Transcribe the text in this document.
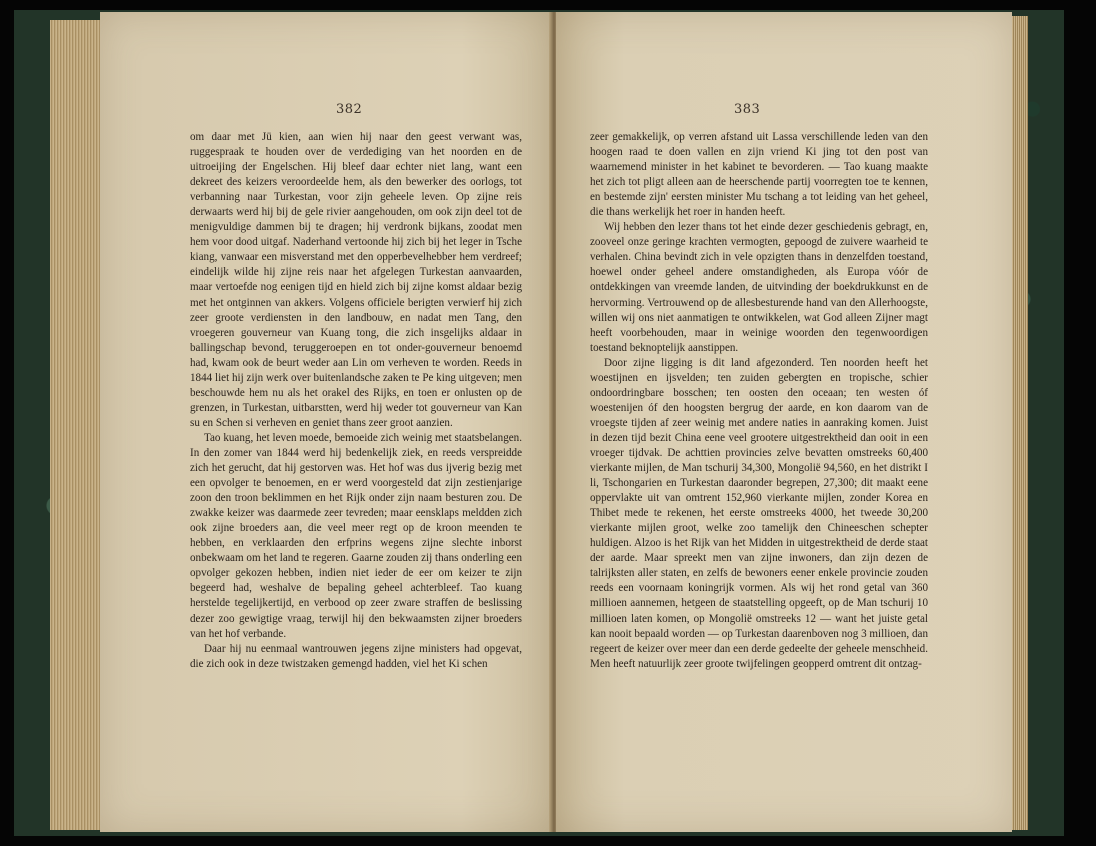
382

om daar met Jü kien, aan wien hij naar den geest verwant was, ruggespraak te houden over de verdediging van het noorden en de uitroeijing der Engelschen. Hij bleef daar echter niet lang, want een dekreet des keizers veroordeelde hem, als den bewerker des oorlogs, tot verbanning naar Turkestan, voor zijn geheele leven. Op zijne reis derwaarts werd hij bij de gele rivier aangehouden, om ook zijn deel tot de menigvuldige dammen bij te dragen; hij verdronk bijkans, zoodat men hem voor dood uitgaf. Naderhand vertoonde hij zich bij het leger in Tsche kiang, vanwaar een misverstand met den opperbevelhebber hem verdreef; eindelijk wilde hij zijne reis naar het afgelegen Turkestan aanvaarden, maar vertoefde nog eenigen tijd en hield zich bij zijne komst aldaar bezig met het ontginnen van akkers. Volgens officiele berigten verwierf hij zich zeer groote verdiensten in den landbouw, en nadat men Tang, den vroegeren gouverneur van Kuang tong, die zich insgelijks aldaar in ballingschap bevond, teruggeroepen en tot onder-gouverneur benoemd had, kwam ook de beurt weder aan Lin om verheven te worden. Reeds in 1844 liet hij zijn werk over buitenlandsche zaken te Pe king uitgeven; men beschouwde hem nu als het orakel des Rijks, en toen er onlusten op de grenzen, in Turkestan, uitbarstten, werd hij weder tot gouverneur van Kan su en Schen si verheven en geniet thans zeer groot aanzien.

Tao kuang, het leven moede, bemoeide zich weinig met staatsbelangen. In den zomer van 1844 werd hij bedenkelijk ziek, en reeds verspreidde zich het gerucht, dat hij gestorven was. Het hof was dus ijverig bezig met een opvolger te benoemen, en er werd voorgesteld dat zijn zestienjarige zoon den troon beklimmen en het Rijk onder zijn naam besturen zou. De zwakke keizer was daarmede zeer tevreden; maar eensklaps meldden zich ook zijne broeders aan, die veel meer regt op de kroon meenden te hebben, en verklaarden den erfprins wegens zijne slechte inborst onbekwaam om het land te regeren. Gaarne zouden zij thans onderling een opvolger gekozen hebben, indien niet ieder de eer om keizer te zijn begeerd had, weshalve de bepaling geheel achterbleef. Tao kuang herstelde tegelijkertijd, en verbood op zeer zware straffen de beslissing dezer zoo gewigtige vraag, terwijl hij den bekwaamsten zijner broeders van het hof verbande.

Daar hij nu eenmaal wantrouwen jegens zijne ministers had opgevat, die zich ook in deze twistzaken gemengd hadden, viel het Ki schen

383

zeer gemakkelijk, op verren afstand uit Lassa verschillende leden van den hoogen raad te doen vallen en zijn vriend Ki jing tot den post van waarnemend minister in het kabinet te bevorderen. — Tao kuang maakte het zich tot pligt alleen aan de heerschende partij voorregten toe te kennen, en bestemde zijn' eersten minister Mu tschang a tot leiding van het geheel, die thans werkelijk het roer in handen heeft.

Wij hebben den lezer thans tot het einde dezer geschiedenis gebragt, en, zooveel onze geringe krachten vermogten, gepoogd de zuivere waarheid te verhalen. China bevindt zich in vele opzigten thans in denzelfden toestand, hoewel onder geheel andere omstandigheden, als Europa vóór de ontdekkingen van vreemde landen, de uitvinding der boekdrukkunst en de hervorming. Vertrouwend op de allesbesturende hand van den Allerhoogste, willen wij ons niet aanmatigen te ontwikkelen, wat God alleen Zijner magt heeft voorbehouden, maar in weinige woorden den tegenwoordigen toestand beknoptelijk aanstippen.

Door zijne ligging is dit land afgezonderd. Ten noorden heeft het woestijnen en ijsvelden; ten zuiden gebergten en tropische, schier ondoordringbare bosschen; ten oosten den oceaan; ten westen óf woestenijen óf den hoogsten bergrug der aarde, en kon daarom van de vroegste tijden af zeer weinig met andere naties in aanraking komen. Juist in dezen tijd bezit China eene veel grootere uitgestrektheid dan ooit in een vroeger tijdvak. De achttien provincies zelve bevatten omstreeks 60,400 vierkante mijlen, de Man tschurij 34,300, Mongolië 94,560, en het distrikt I li, Tschongarien en Turkestan daaronder begrepen, 27,300; dit maakt eene oppervlakte uit van omtrent 152,960 vierkante mijlen, zonder Korea en Thibet mede te rekenen, het eerste omstreeks 4000, het tweede 30,200 vierkante mijlen groot, welke zoo tamelijk den Chineeschen schepter huldigen. Alzoo is het Rijk van het Midden in uitgestrektheid de derde staat der aarde. Maar spreekt men van zijne inwoners, dan zijn dezen de talrijksten aller staten, en zelfs de bewoners eener enkele provincie zouden reeds een voornaam koningrijk vormen. Als wij het rond getal van 360 millioen aannemen, hetgeen de staatstelling opgeeft, op de Man tschurij 10 millioen laten komen, op Mongolië omstreeks 12 — want het juiste getal kan nooit bepaald worden — op Turkestan daarenboven nog 3 millioen, dan regeert de keizer over meer dan een derde gedeelte der geheele menschheid. Men heeft natuurlijk zeer groote twijfelingen geopperd omtrent dit ontzag-
